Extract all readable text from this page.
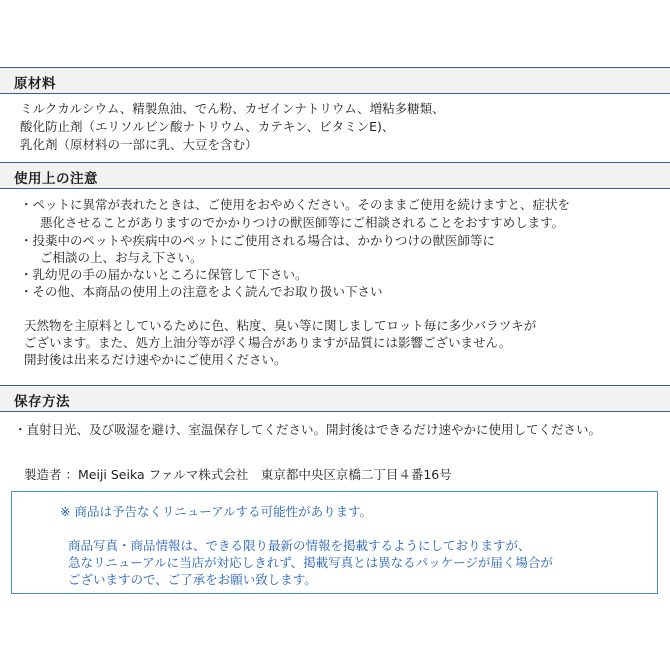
原材料
ミルクカルシウム、精製魚油、でん粉、カゼインナトリウム、増粘多糖類、
酸化防止剤（エリソルビン酸ナトリウム、カテキン、ビタミンE)、
乳化剤（原材料の一部に乳、大豆を含む）
使用上の注意
・ペットに異常が表れたときは、ご使用をおやめください。そのままご使用を続けますと、症状を
悪化させることがありますのでかかりつけの獣医師等にご相談されることをおすすめします。
・投薬中のペットや疾病中のペットにご使用される場合は、かかりつけの獣医師等に
ご相談の上、お与え下さい。
・乳幼児の手の届かないところに保管して下さい。
・その他、本商品の使用上の注意をよく読んでお取り扱い下さい
天然物を主原料としているために色、粘度、臭い等に関しましてロット毎に多少バラツキが
ございます。また、処方上油分等が浮く場合がありますが品質には影響ございません。
開封後は出来るだけ速やかにご使用ください。
保存方法
・直射日光、及び吸湿を避け、室温保存してください。開封後はできるだけ速やかに使用してください。
製造者 ：Meiji Seika ファルマ株式会社　東京都中央区京橋二丁目４番16号
※ 商品は予告なくリニューアルする可能性があります。
商品写真・商品情報は、できる限り最新の情報を掲載するようにしておりますが、
急なリニューアルに当店が対応しきれず、掲載写真とは異なるパッケージが届く場合が
ございますので、ご了承をお願い致します。
